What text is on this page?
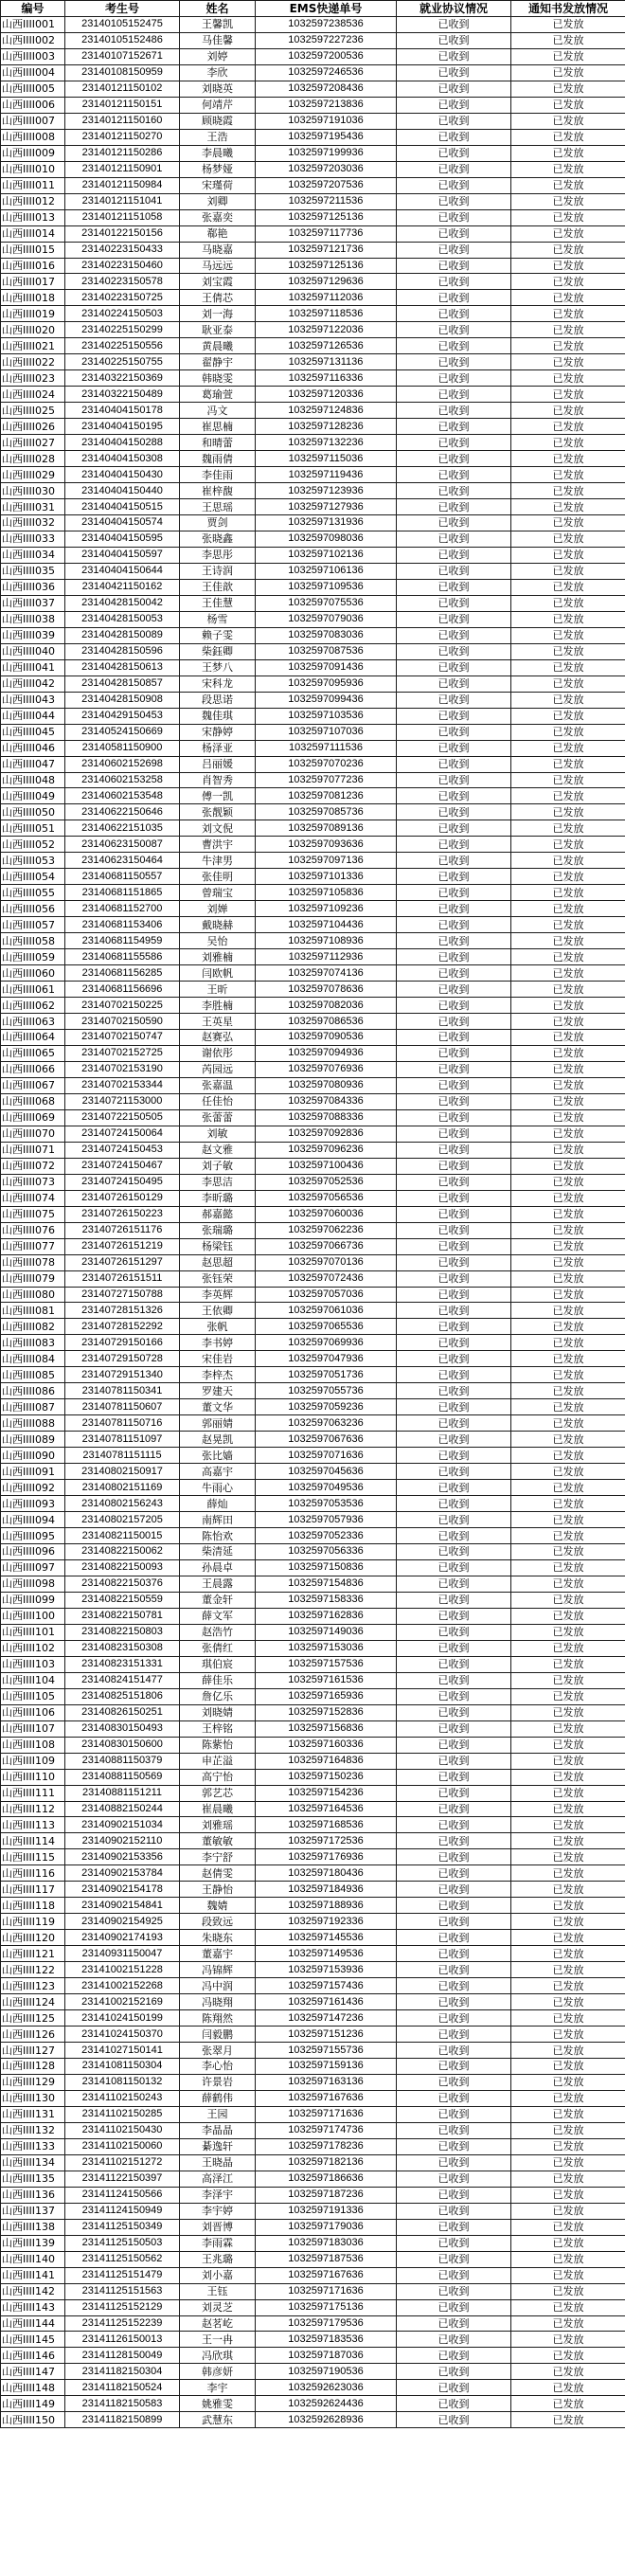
编号	考生号	姓名	EMS快递单号	就业协议情况	通知书发放情况
山西IIII001	23140105152475	王馨凯	1032597238536	已收到	已发放
山西IIII002	23140105152486	马佳馨	1032597227236	已收到	已发放
山西IIII003	23140107152671	刘婷	1032597200536	已收到	已发放
山西IIII004	23140108150959	李欣	1032597246536	已收到	已发放
山西IIII005	23140121150102	刘晓英	1032597208436	已收到	已发放
山西IIII006	23140121150151	何靖芹	1032597213836	已收到	已发放
山西IIII007	23140121150160	顾晓霞	1032597191036	已收到	已发放
山西IIII008	23140121150270	王浩	1032597195436	已收到	已发放
山西IIII009	23140121150286	李晨曦	1032597199936	已收到	已发放
山西IIII010	23140121150901	杨梦娅	1032597203036	已收到	已发放
山西IIII011	23140121150984	宋瑾荷	1032597207536	已收到	已发放
山西IIII012	23140121151041	刘卿	1032597211536	已收到	已发放
山西IIII013	23140121151058	张嘉奕	1032597125136	已收到	已发放
山西IIII014	23140122150156	郗艳	1032597117736	已收到	已发放
山西IIII015	23140223150433	马晓嘉	1032597121736	已收到	已发放
山西IIII016	23140223150460	马远远	1032597125136	已收到	已发放
山西IIII017	23140223150578	刘宝霞	1032597129636	已收到	已发放
山西IIII018	23140223150725	王倩芯	1032597112036	已收到	已发放
山西IIII019	23140224150503	刘一海	1032597118536	已收到	已发放
山西IIII020	23140225150299	耿亚泰	1032597122036	已收到	已发放
山西IIII021	23140225150556	黄晨曦	1032597126536	已收到	已发放
山西IIII022	23140225150755	翟静宇	1032597131136	已收到	已发放
山西IIII023	23140322150369	韩晓雯	1032597116336	已收到	已发放
山西IIII024	23140322150489	葛瑜萱	1032597120336	已收到	已发放
山西IIII025	23140404150178	冯文	1032597124836	已收到	已发放
山西IIII026	23140404150195	崔思楠	1032597128236	已收到	已发放
山西IIII027	23140404150288	和晴蕾	1032597132236	已收到	已发放
山西IIII028	23140404150308	魏雨倩	1032597115036	已收到	已发放
山西IIII029	23140404150430	李佳雨	1032597119436	已收到	已发放
山西IIII030	23140404150440	崔梓馥	1032597123936	已收到	已发放
山西IIII031	23140404150515	王思瑶	1032597127936	已收到	已发放
山西IIII032	23140404150574	贾剑	1032597131936	已收到	已发放
山西IIII033	23140404150595	张晓鑫	1032597098036	已收到	已发放
山西IIII034	23140404150597	李思彤	1032597102136	已收到	已发放
山西IIII035	23140404150644	王诗润	1032597106136	已收到	已发放
山西IIII036	23140421150162	王佳歆	1032597109536	已收到	已发放
山西IIII037	23140428150042	王佳慧	1032597075536	已收到	已发放
山西IIII038	23140428150053	杨雪	1032597079036	已收到	已发放
山西IIII039	23140428150089	赖子雯	1032597083036	已收到	已发放
山西IIII040	23140428150596	柴鈺卿	1032597087536	已收到	已发放
山西IIII041	23140428150613	王梦八	1032597091436	已收到	已发放
山西IIII042	23140428150857	宋科龙	1032597095936	已收到	已发放
山西IIII043	23140428150908	段思诺	1032597099436	已收到	已发放
山西IIII044	23140429150453	魏佳琪	1032597103536	已收到	已发放
山西IIII045	23140524150669	宋静婷	1032597107036	已收到	已发放
山西IIII046	23140581150900	杨泽亚	1032597111536	已收到	已发放
山西IIII047	23140602152698	吕丽媛	1032597070236	已收到	已发放
山西IIII048	23140602153258	肖智秀	1032597077236	已收到	已发放
山西IIII049	23140602153548	傅一凯	1032597081236	已收到	已发放
山西IIII050	23140622150646	张靓颖	1032597085736	已收到	已发放
山西IIII051	23140622151035	刘文倪	1032597089136	已收到	已发放
山西IIII052	23140623150087	曹洪宇	1032597093636	已收到	已发放
山西IIII053	23140623150464	牛津男	1032597097136	已收到	已发放
山西IIII054	23140681150557	张佳明	1032597101336	已收到	已发放
山西IIII055	23140681151865	曾瑞宝	1032597105836	已收到	已发放
山西IIII056	23140681152700	刘婵	1032597109236	已收到	已发放
山西IIII057	23140681153406	戴晓赫	1032597104436	已收到	已发放
山西IIII058	23140681154959	吴怡	1032597108936	已收到	已发放
山西IIII059	23140681155586	刘雅楠	1032597112936	已收到	已发放
山西IIII060	23140681156285	闫欧帆	1032597074136	已收到	已发放
山西IIII061	23140681156696	王昕	1032597078636	已收到	已发放
山西IIII062	23140702150225	李胜楠	1032597082036	已收到	已发放
山西IIII063	23140702150590	王英星	1032597086536	已收到	已发放
山西IIII064	23140702150747	赵赛弘	1032597090536	已收到	已发放
山西IIII065	23140702152725	谢依彤	1032597094936	已收到	已发放
山西IIII066	23140702153190	芮园远	1032597076936	已收到	已发放
山西IIII067	23140702153344	张嘉温	1032597080936	已收到	已发放
山西IIII068	23140721153000	任佳怡	1032597084336	已收到	已发放
山西IIII069	23140722150505	张蕾蕾	1032597088336	已收到	已发放
山西IIII070	23140724150064	刘敏	1032597092836	已收到	已发放
山西IIII071	23140724150453	赵文雅	1032597096236	已收到	已发放
山西IIII072	23140724150467	刘子敏	1032597100436	已收到	已发放
山西IIII073	23140724150495	李思洁	1032597052536	已收到	已发放
山西IIII074	23140726150129	李昕璐	1032597056536	已收到	已发放
山西IIII075	23140726150223	郝嘉懿	1032597060036	已收到	已发放
山西IIII076	23140726151176	张瑞璐	1032597062236	已收到	已发放
山西IIII077	23140726151219	杨梁钰	1032597066736	已收到	已发放
山西IIII078	23140726151297	赵思超	1032597070136	已收到	已发放
山西IIII079	23140726151511	张钰荣	1032597072436	已收到	已发放
山西IIII080	23140727150788	李英辉	1032597057036	已收到	已发放
山西IIII081	23140728151326	王依卿	1032597061036	已收到	已发放
山西IIII082	23140728152292	张帆	1032597065536	已收到	已发放
山西IIII083	23140729150166	李书婷	1032597069936	已收到	已发放
山西IIII084	23140729150728	宋佳岩	1032597047936	已收到	已发放
山西IIII085	23140729151340	李梓杰	1032597051736	已收到	已发放
山西IIII086	23140781150341	罗建天	1032597055736	已收到	已发放
山西IIII087	23140781150607	董文华	1032597059236	已收到	已发放
山西IIII088	23140781150716	郭丽婧	1032597063236	已收到	已发放
山西IIII089	23140781151097	赵晃凯	1032597067636	已收到	已发放
山西IIII090	23140781151115	张比嫱	1032597071636	已收到	已发放
山西IIII091	23140802150917	高嘉宇	1032597045636	已收到	已发放
山西IIII092	23140802151169	牛雨心	1032597049536	已收到	已发放
山西IIII093	23140802156243	薛灿	1032597053536	已收到	已发放
山西IIII094	23140802157205	南辉田	1032597057936	已收到	已发放
山西IIII095	23140821150015	陈怡欢	1032597052336	已收到	已发放
山西IIII096	23140822150062	柴清延	1032597056336	已收到	已发放
山西IIII097	23140822150093	孙晨卓	1032597150836	已收到	已发放
山西IIII098	23140822150376	王晨露	1032597154836	已收到	已发放
山西IIII099	23140822150559	董金轩	1032597158336	已收到	已发放
山西IIII100	23140822150781	薛文军	1032597162836	已收到	已发放
山西IIII101	23140822150803	赵浩竹	1032597149036	已收到	已发放
山西IIII102	23140823150308	张倩红	1032597153036	已收到	已发放
山西IIII103	23140823151331	琪伯宸	1032597157536	已收到	已发放
山西IIII104	23140824151477	薛佳乐	1032597161536	已收到	已发放
山西IIII105	23140825151806	詹亿乐	1032597165936	已收到	已发放
山西IIII106	23140826150251	刘晓婧	1032597152836	已收到	已发放
山西IIII107	23140830150493	王梓铭	1032597156836	已收到	已发放
山西IIII108	23140830150600	陈紫怡	1032597160336	已收到	已发放
山西IIII109	23140881150379	申芷溢	1032597164836	已收到	已发放
山西IIII110	23140881150569	高宁怡	1032597150236	已收到	已发放
山西IIII111	23140881151211	郭艺芯	1032597154236	已收到	已发放
山西IIII112	23140882150244	崔晨曦	1032597164536	已收到	已发放
山西IIII113	23140902151034	刘雅瑶	1032597168536	已收到	已发放
山西IIII114	23140902152110	董敏敏	1032597172536	已收到	已发放
山西IIII115	23140902153356	李宁舒	1032597176936	已收到	已发放
山西IIII116	23140902153784	赵倩雯	1032597180436	已收到	已发放
山西IIII117	23140902154178	王静怡	1032597184936	已收到	已发放
山西IIII118	23140902154841	魏婧	1032597188936	已收到	已发放
山西IIII119	23140902154925	段致远	1032597192336	已收到	已发放
山西IIII120	23140902174193	朱晓东	1032597145536	已收到	已发放
山西IIII121	23140931150047	董嘉宇	1032597149536	已收到	已发放
山西IIII122	23141002151228	冯锦辉	1032597153936	已收到	已发放
山西IIII123	23141002152268	冯中润	1032597157436	已收到	已发放
山西IIII124	23141002152169	冯晓翔	1032597161436	已收到	已发放
山西IIII125	23141024150199	陈翔然	1032597147236	已收到	已发放
山西IIII126	23141024150370	闫毅鹏	1032597151236	已收到	已发放
山西IIII127	23141027150141	张翠月	1032597155736	已收到	已发放
山西IIII128	23141081150304	李心怡	1032597159136	已收到	已发放
山西IIII129	23141081150132	许景岩	1032597163136	已收到	已发放
山西IIII130	23141102150243	薛鹤伟	1032597167636	已收到	已发放
山西IIII131	23141102150285	王园	1032597171636	已收到	已发放
山西IIII132	23141102150430	李晶晶	1032597174736	已收到	已发放
山西IIII133	23141102150060	綦逸轩	1032597178236	已收到	已发放
山西IIII134	23141102151272	王晓晶	1032597182136	已收到	已发放
山西IIII135	23141122150397	高泽江	1032597186636	已收到	已发放
山西IIII136	23141124150566	李泽宇	1032597187236	已收到	已发放
山西IIII137	23141124150949	李宇婷	1032597191336	已收到	已发放
山西IIII138	23141125150349	刘晋博	1032597179036	已收到	已发放
山西IIII139	23141125150503	李雨霖	1032597183036	已收到	已发放
山西IIII140	23141125150562	王兆璐	1032597187536	已收到	已发放
山西IIII141	23141125151479	刘小嘉	1032597167636	已收到	已发放
山西IIII142	23141125151563	王钰	1032597171636	已收到	已发放
山西IIII143	23141125152129	刘灵芝	1032597175136	已收到	已发放
山西IIII144	23141125152239	赵茗屹	1032597179536	已收到	已发放
山西IIII145	23141126150013	王一冉	1032597183536	已收到	已发放
山西IIII146	23141128150049	冯欣琪	1032597187036	已收到	已发放
山西IIII147	23141182150304	韩彦妍	1032597190536	已收到	已发放
山西IIII148	23141182150524	李宇	1032592623036	已收到	已发放
山西IIII149	23141182150583	姚雅雯	1032592624436	已收到	已发放
山西IIII150	23141182150899	武慧东	1032592628936	已收到	已发放
